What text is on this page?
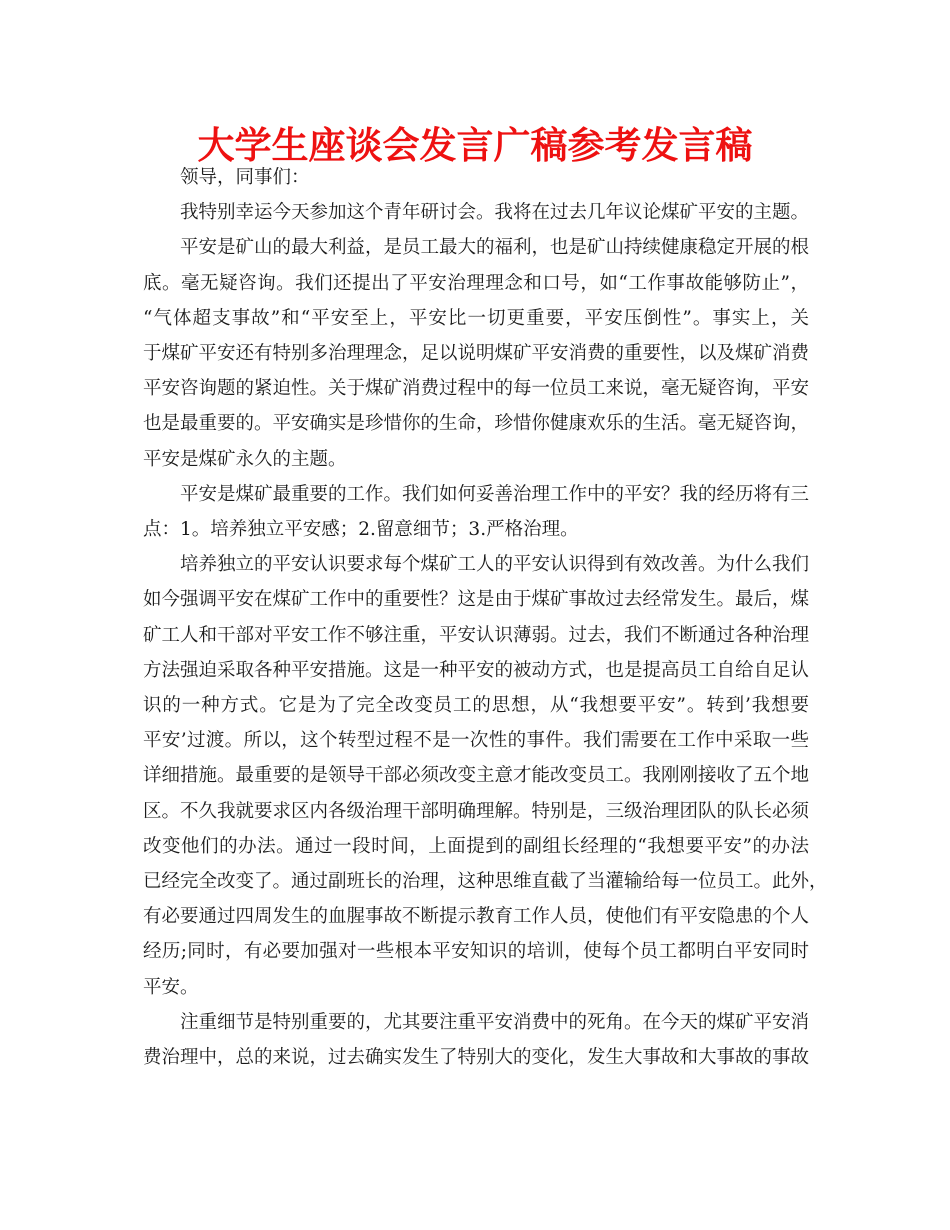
大学生座谈会发言广稿参考发言稿
领导，同事们：
我特别幸运今天参加这个青年研讨会。我将在过去几年议论煤矿平安的主题。
平安是矿山的最大利益，是员工最大的福利，也是矿山持续健康稳定开展的根
底。毫无疑咨询。我们还提出了平安治理理念和口号，如“工作事故能够防止”，
“气体超支事故”和“平安至上，平安比一切更重要，平安压倒性”。事实上，关
于煤矿平安还有特别多治理理念，足以说明煤矿平安消费的重要性，以及煤矿消费
平安咨询题的紧迫性。关于煤矿消费过程中的每一位员工来说，毫无疑咨询，平安
也是最重要的。平安确实是珍惜你的生命，珍惜你健康欢乐的生活。毫无疑咨询，
平安是煤矿永久的主题。
平安是煤矿最重要的工作。我们如何妥善治理工作中的平安？我的经历将有三
点：1。培养独立平安感；2.留意细节；3.严格治理。
培养独立的平安认识要求每个煤矿工人的平安认识得到有效改善。为什么我们
如今强调平安在煤矿工作中的重要性？这是由于煤矿事故过去经常发生。最后，煤
矿工人和干部对平安工作不够注重，平安认识薄弱。过去，我们不断通过各种治理
方法强迫采取各种平安措施。这是一种平安的被动方式，也是提高员工自给自足认
识的一种方式。它是为了完全改变员工的思想，从“我想要平安”。转到’我想要
平安’过渡。所以，这个转型过程不是一次性的事件。我们需要在工作中采取一些
详细措施。最重要的是领导干部必须改变主意才能改变员工。我刚刚接收了五个地
区。不久我就要求区内各级治理干部明确理解。特别是，三级治理团队的队长必须
改变他们的办法。通过一段时间，上面提到的副组长经理的“我想要平安”的办法
已经完全改变了。通过副班长的治理，这种思维直截了当灌输给每一位员工。此外，
有必要通过四周发生的血腥事故不断提示教育工作人员，使他们有平安隐患的个人
经历;同时，有必要加强对一些根本平安知识的培训，使每个员工都明白平安同时
平安。
注重细节是特别重要的，尤其要注重平安消费中的死角。在今天的煤矿平安消
费治理中，总的来说，过去确实发生了特别大的变化，发生大事故和大事故的事故
